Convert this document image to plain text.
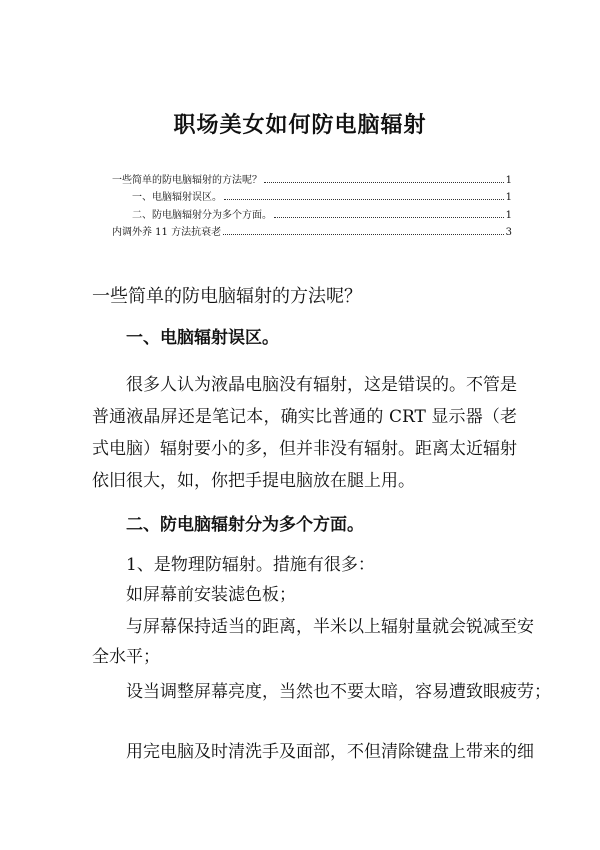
职场美女如何防电脑辐射
一些简单的防电脑辐射的方法呢？	1
一、电脑辐射误区。	1
二、防电脑辐射分为多个方面。	1
内调外养 11 方法抗衰老	3
一些简单的防电脑辐射的方法呢？
一、电脑辐射误区。

很多人认为液晶电脑没有辐射，这是错误的。不管是普通液晶屏还是笔记本，确实比普通的 CRT 显示器（老式电脑）辐射要小的多，但并非没有辐射。距离太近辐射依旧很大，如，你把手提电脑放在腿上用。

二、防电脑辐射分为多个方面。

1、是物理防辐射。措施有很多：

如屏幕前安装滤色板；

与屏幕保持适当的距离，半米以上辐射量就会锐减至安
全水平；

设当调整屏幕亮度，当然也不要太暗，容易遭致眼疲劳；

用完电脑及时清洗手及面部，不但清除键盘上带来的细
